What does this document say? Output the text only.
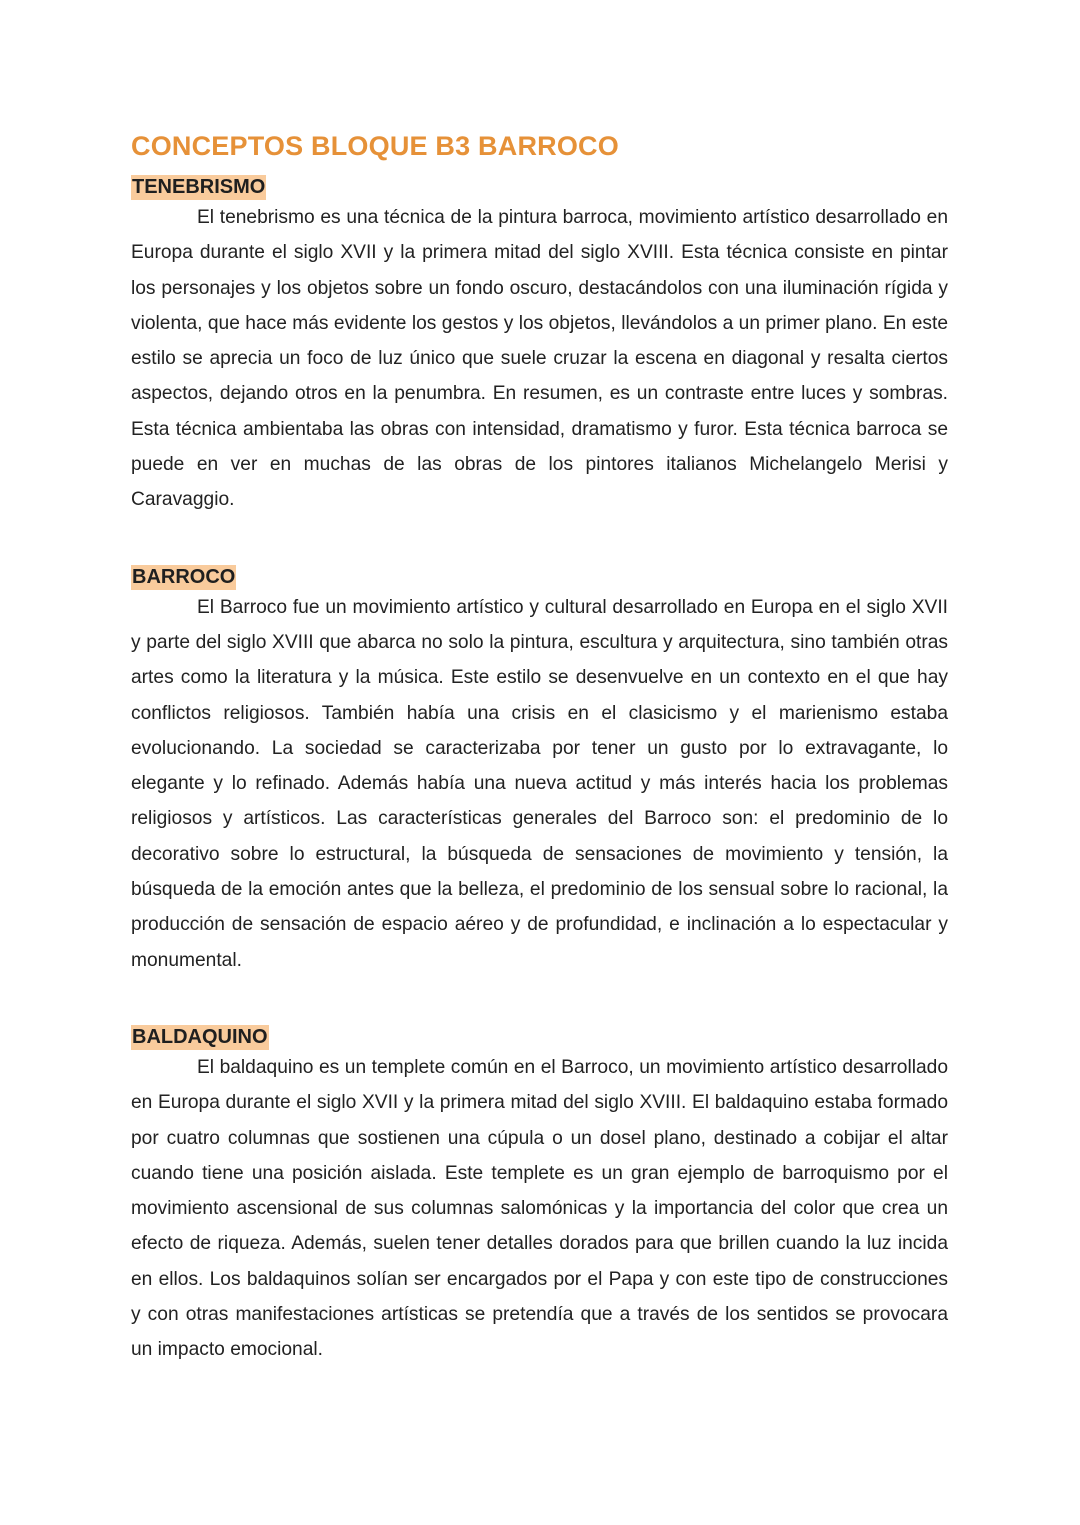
CONCEPTOS BLOQUE B3 BARROCO
TENEBRISMO

El tenebrismo es una técnica de la pintura barroca, movimiento artístico desarrollado en Europa durante el siglo XVII y la primera mitad del siglo XVIII. Esta técnica consiste en pintar los personajes y los objetos sobre un fondo oscuro, destacándolos con una iluminación rígida y violenta, que hace más evidente los gestos y los objetos, llevándolos a un primer plano. En este estilo se aprecia un foco de luz único que suele cruzar la escena en diagonal y resalta ciertos aspectos, dejando otros en la penumbra. En resumen, es un contraste entre luces y sombras. Esta técnica ambientaba las obras con intensidad, dramatismo y furor. Esta técnica barroca se puede en ver en muchas de las obras de los pintores italianos Michelangelo Merisi y Caravaggio.

BARROCO

El Barroco fue un movimiento artístico y cultural desarrollado en Europa en el siglo XVII y parte del siglo XVIII que abarca no solo la pintura, escultura y arquitectura, sino también otras artes como la literatura y la música. Este estilo se desenvuelve en un contexto en el que hay conflictos religiosos. También había una crisis en el clasicismo y el marienismo estaba evolucionando. La sociedad se caracterizaba por tener un gusto por lo extravagante, lo elegante y lo refinado. Además había una nueva actitud y más interés hacia los problemas religiosos y artísticos. Las características generales del Barroco son: el predominio de lo decorativo sobre lo estructural, la búsqueda de sensaciones de movimiento y tensión, la búsqueda de la emoción antes que la belleza, el predominio de los sensual sobre lo racional, la producción de sensación de espacio aéreo y de profundidad, e inclinación a lo espectacular y monumental.

BALDAQUINO

El baldaquino es un templete común en el Barroco, un movimiento artístico desarrollado en Europa durante el siglo XVII y la primera mitad del siglo XVIII. El baldaquino estaba formado por cuatro columnas que sostienen una cúpula o un dosel plano, destinado a cobijar el altar cuando tiene una posición aislada. Este templete es un gran ejemplo de barroquismo por el movimiento ascensional de sus columnas salomónicas y la importancia del color que crea un efecto de riqueza. Además, suelen tener detalles dorados para que brillen cuando la luz incida en ellos. Los baldaquinos solían ser encargados por el Papa y con este tipo de construcciones y con otras manifestaciones artísticas se pretendía que a través de los sentidos se provocara un impacto emocional.
